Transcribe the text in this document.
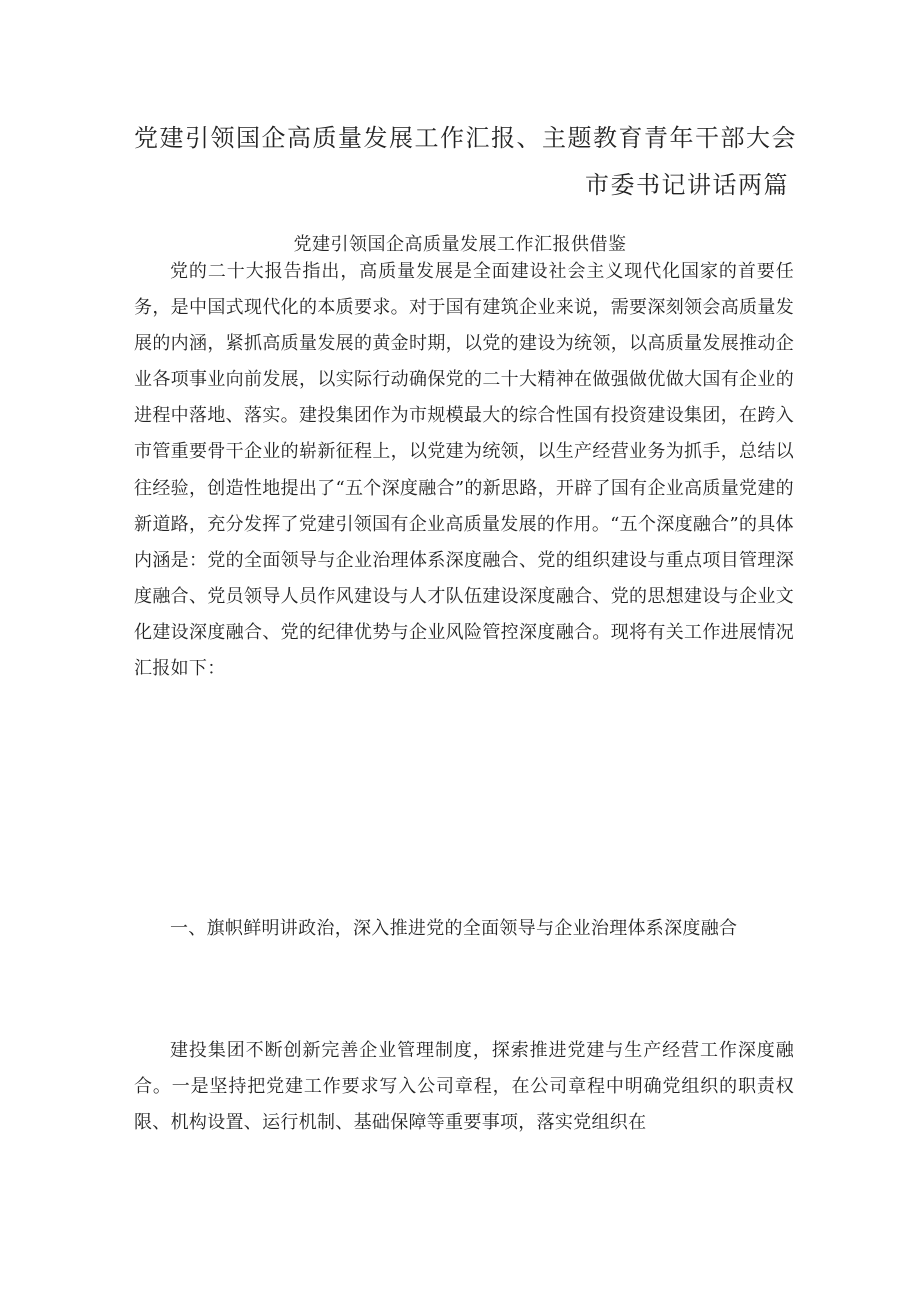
党建引领国企高质量发展工作汇报、主题教育青年干部大会
市委书记讲话两篇
党建引领国企高质量发展工作汇报供借鉴

党的二十大报告指出，高质量发展是全面建设社会主义现代化国家的首要任务，是中国式现代化的本质要求。对于国有建筑企业来说，需要深刻领会高质量发展的内涵，紧抓高质量发展的黄金时期，以党的建设为统领，以高质量发展推动企业各项事业向前发展，以实际行动确保党的二十大精神在做强做优做大国有企业的进程中落地、落实。建投集团作为市规模最大的综合性国有投资建设集团，在跨入市管重要骨干企业的崭新征程上，以党建为统领，以生产经营业务为抓手，总结以往经验，创造性地提出了“五个深度融合”的新思路，开辟了国有企业高质量党建的新道路，充分发挥了党建引领国有企业高质量发展的作用。“五个深度融合”的具体内涵是：党的全面领导与企业治理体系深度融合、党的组织建设与重点项目管理深度融合、党员领导人员作风建设与人才队伍建设深度融合、党的思想建设与企业文化建设深度融合、党的纪律优势与企业风险管控深度融合。现将有关工作进展情况汇报如下：

一、旗帜鲜明讲政治，深入推进党的全面领导与企业治理体系深度融合

建投集团不断创新完善企业管理制度，探索推进党建与生产经营工作深度融合。一是坚持把党建工作要求写入公司章程，在公司章程中明确党组织的职责权限、机构设置、运行机制、基础保障等重要事项，落实党组织在
